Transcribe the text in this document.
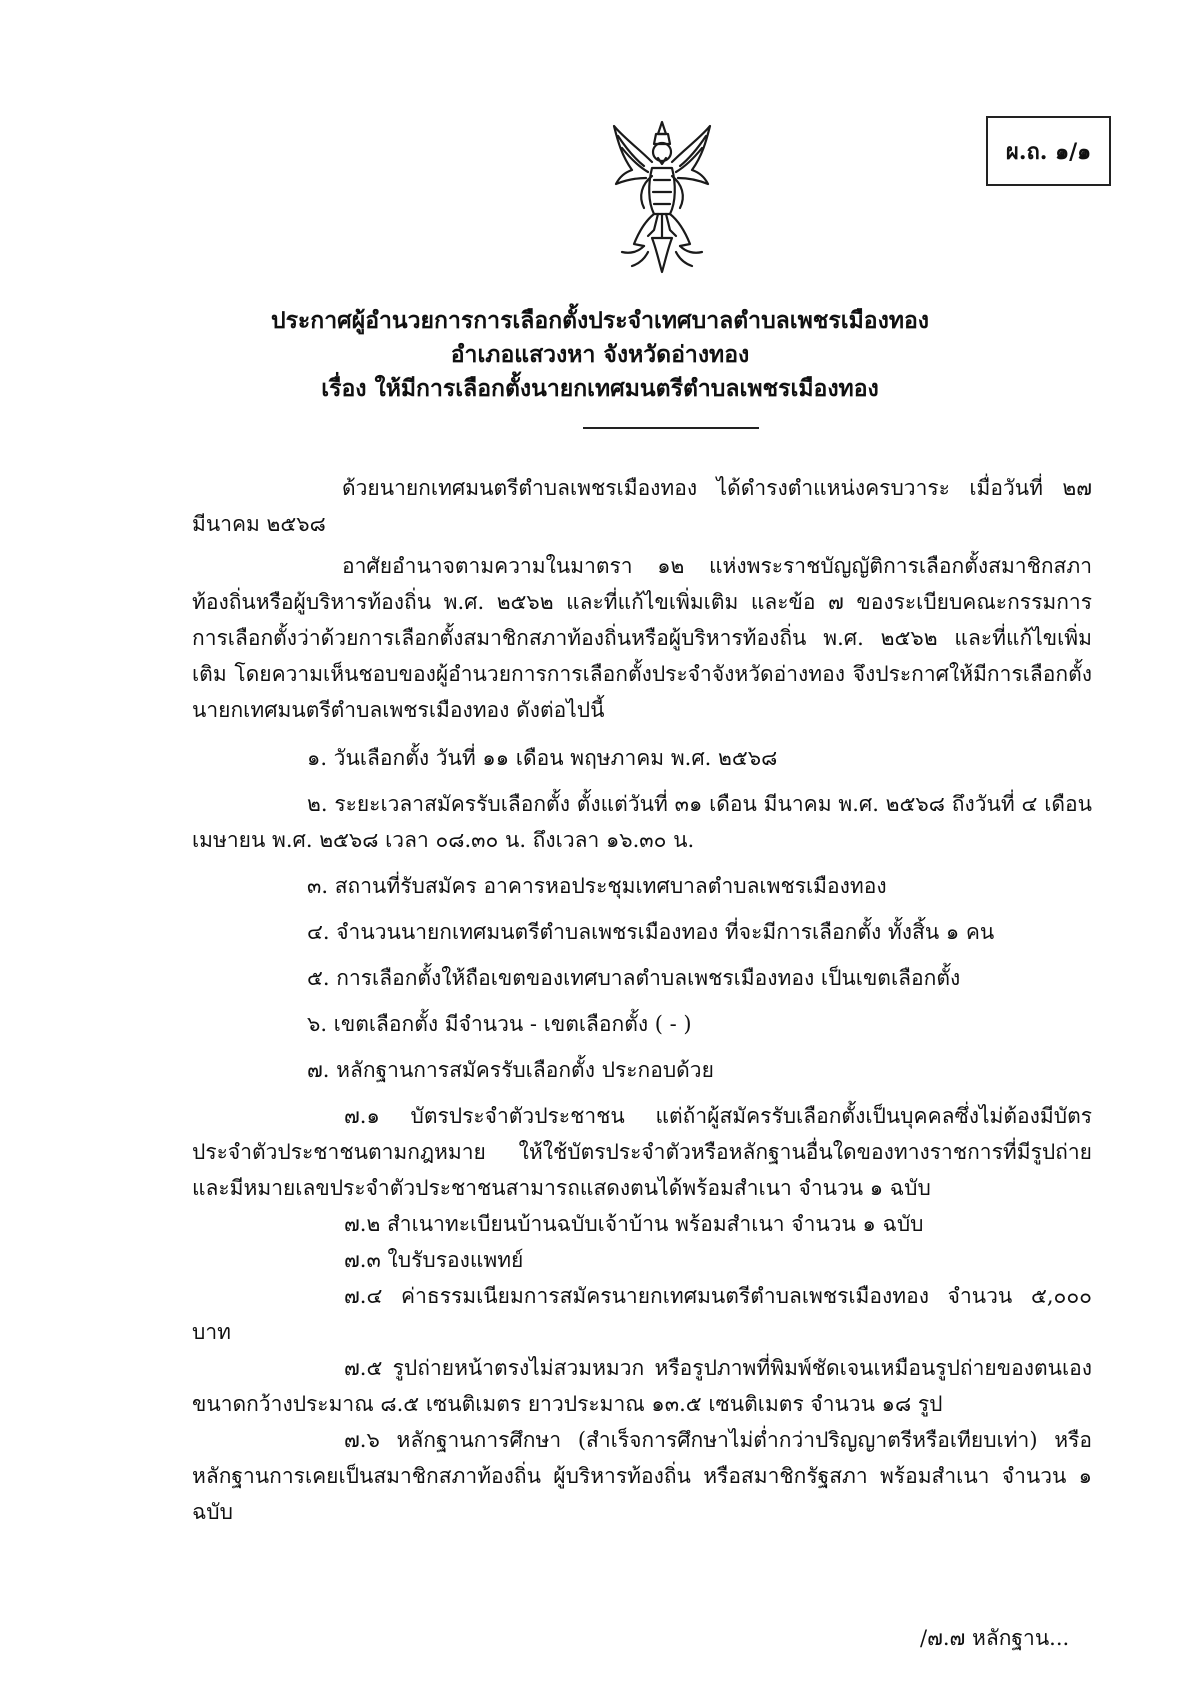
ผ.ถ. ๑/๑
ประกาศผู้อำนวยการการเลือกตั้งประจำเทศบาลตำบลเพชรเมืองทอง
อำเภอแสวงหา จังหวัดอ่างทอง
เรื่อง ให้มีการเลือกตั้งนายกเทศมนตรีตำบลเพชรเมืองทอง

ด้วยนายกเทศมนตรีตำบลเพชรเมืองทอง ได้ดำรงตำแหน่งครบวาระ เมื่อวันที่ ๒๗ มีนาคม ๒๕๖๘

อาศัยอำนาจตามความในมาตรา ๑๒ แห่งพระราชบัญญัติการเลือกตั้งสมาชิกสภาท้องถิ่นหรือผู้บริหารท้องถิ่น พ.ศ. ๒๕๖๒ และที่แก้ไขเพิ่มเติม และข้อ ๗ ของระเบียบคณะกรรมการการเลือกตั้งว่าด้วยการเลือกตั้งสมาชิกสภาท้องถิ่นหรือผู้บริหารท้องถิ่น พ.ศ. ๒๕๖๒ และที่แก้ไขเพิ่มเติม โดยความเห็นชอบของผู้อำนวยการการเลือกตั้งประจำจังหวัดอ่างทอง จึงประกาศให้มีการเลือกตั้งนายกเทศมนตรีตำบลเพชรเมืองทอง ดังต่อไปนี้

๑. วันเลือกตั้ง วันที่ ๑๑ เดือน พฤษภาคม พ.ศ. ๒๕๖๘

๒. ระยะเวลาสมัครรับเลือกตั้ง ตั้งแต่วันที่ ๓๑ เดือน มีนาคม พ.ศ. ๒๕๖๘ ถึงวันที่ ๔ เดือน เมษายน พ.ศ. ๒๕๖๘ เวลา ๐๘.๓๐ น. ถึงเวลา ๑๖.๓๐ น.

๓. สถานที่รับสมัคร อาคารหอประชุมเทศบาลตำบลเพชรเมืองทอง

๔. จำนวนนายกเทศมนตรีตำบลเพชรเมืองทอง ที่จะมีการเลือกตั้ง ทั้งสิ้น ๑ คน

๕. การเลือกตั้งให้ถือเขตของเทศบาลตำบลเพชรเมืองทอง เป็นเขตเลือกตั้ง

๖. เขตเลือกตั้ง มีจำนวน - เขตเลือกตั้ง ( - )

๗. หลักฐานการสมัครรับเลือกตั้ง ประกอบด้วย

๗.๑ บัตรประจำตัวประชาชน แต่ถ้าผู้สมัครรับเลือกตั้งเป็นบุคคลซึ่งไม่ต้องมีบัตรประจำตัวประชาชนตามกฎหมาย ให้ใช้บัตรประจำตัวหรือหลักฐานอื่นใดของทางราชการที่มีรูปถ่าย และมีหมายเลขประจำตัวประชาชนสามารถแสดงตนได้พร้อมสำเนา จำนวน ๑ ฉบับ

๗.๒ สำเนาทะเบียนบ้านฉบับเจ้าบ้าน พร้อมสำเนา จำนวน ๑ ฉบับ

๗.๓ ใบรับรองแพทย์

๗.๔ ค่าธรรมเนียมการสมัครนายกเทศมนตรีตำบลเพชรเมืองทอง จำนวน ๕,๐๐๐ บาท

๗.๕ รูปถ่ายหน้าตรงไม่สวมหมวก หรือรูปภาพที่พิมพ์ชัดเจนเหมือนรูปถ่ายของตนเองขนาดกว้างประมาณ ๘.๕ เซนติเมตร ยาวประมาณ ๑๓.๕ เซนติเมตร จำนวน ๑๘ รูป

๗.๖ หลักฐานการศึกษา (สำเร็จการศึกษาไม่ต่ำกว่าปริญญาตรีหรือเทียบเท่า) หรือหลักฐานการเคยเป็นสมาชิกสภาท้องถิ่น ผู้บริหารท้องถิ่น หรือสมาชิกรัฐสภา พร้อมสำเนา จำนวน ๑ ฉบับ

/๗.๗ หลักฐาน...
